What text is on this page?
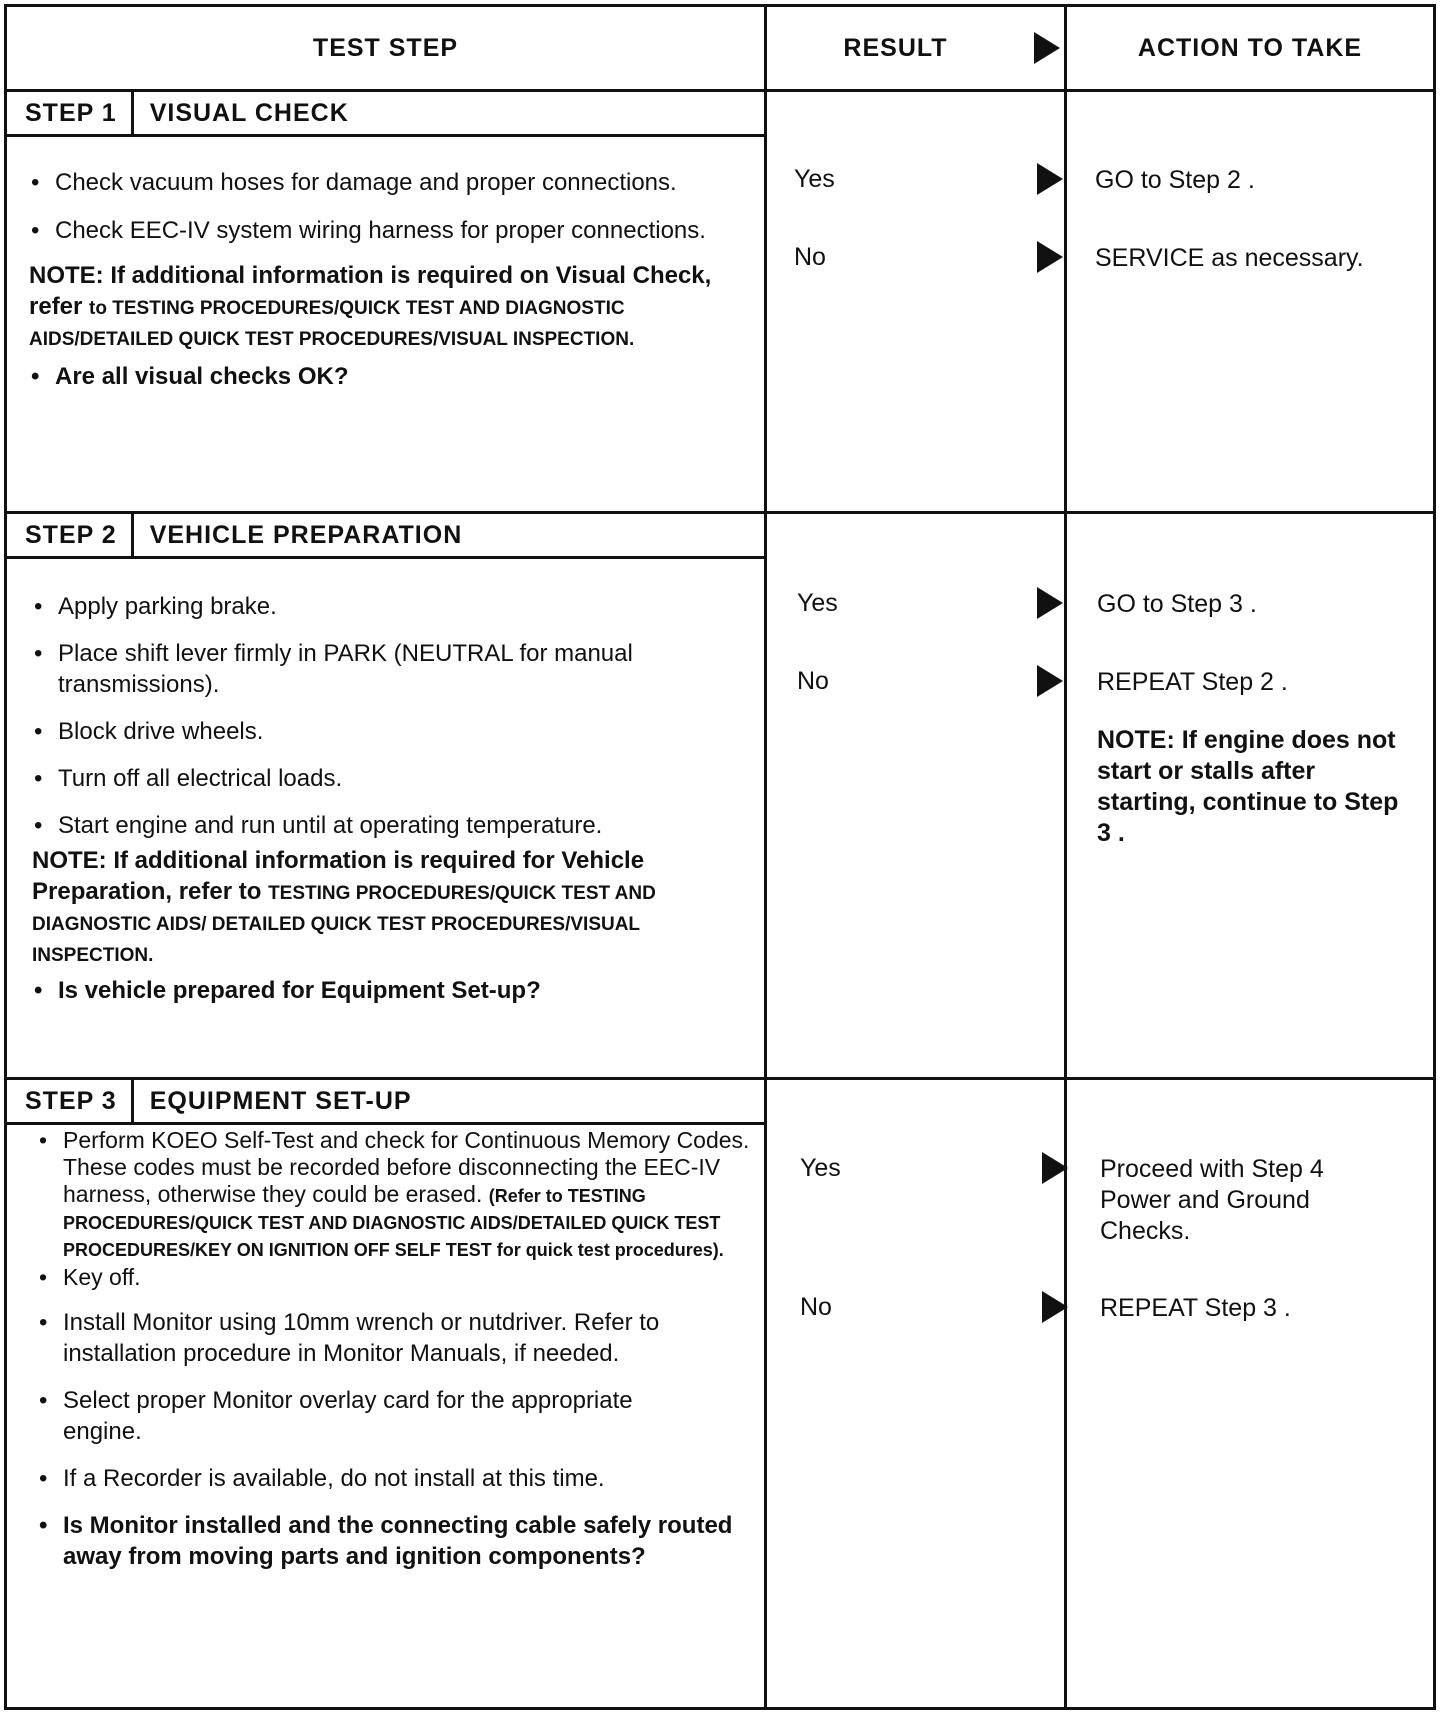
TEST STEP	RESULT	ACTION TO TAKE
STEP 1	VISUAL CHECK

• Check vacuum hoses for damage and proper connections.

• Check EEC-IV system wiring harness for proper connections.

NOTE: If additional information is required on Visual Check, refer to TESTING PROCEDURES/QUICK TEST AND DIAGNOSTIC AIDS/DETAILED QUICK TEST PROCEDURES/VISUAL INSPECTION.

• Are all visual checks OK?

Yes	GO to Step 2 .
No	SERVICE as necessary.
STEP 2	VEHICLE PREPARATION

• Apply parking brake.

• Place shift lever firmly in PARK (NEUTRAL for manual transmissions).

• Block drive wheels.

• Turn off all electrical loads.

• Start engine and run until at operating temperature.

NOTE: If additional information is required for Vehicle Preparation, refer to TESTING PROCEDURES/QUICK TEST AND DIAGNOSTIC AIDS/ DETAILED QUICK TEST PROCEDURES/VISUAL INSPECTION.

• Is vehicle prepared for Equipment Set-up?

Yes	GO to Step 3 .
No	REPEAT Step 2 .
NOTE: If engine does not start or stalls after starting, continue to Step 3 .
STEP 3	EQUIPMENT SET-UP
• Perform KOEO Self-Test and check for Continuous Memory Codes. These codes must be recorded before disconnecting the EEC-IV harness, otherwise they could be erased. (Refer to TESTING PROCEDURES/QUICK TEST AND DIAGNOSTIC AIDS/DETAILED QUICK TEST PROCEDURES/KEY ON IGNITION OFF SELF TEST for quick test procedures).

• Key off.

• Install Monitor using 10mm wrench or nutdriver. Refer to installation procedure in Monitor Manuals, if needed.

• Select proper Monitor overlay card for the appropriate engine.

• If a Recorder is available, do not install at this time.

• Is Monitor installed and the connecting cable safely routed away from moving parts and ignition components?

Yes	Proceed with Step 4 Power and Ground Checks.
No	REPEAT Step 3 .
